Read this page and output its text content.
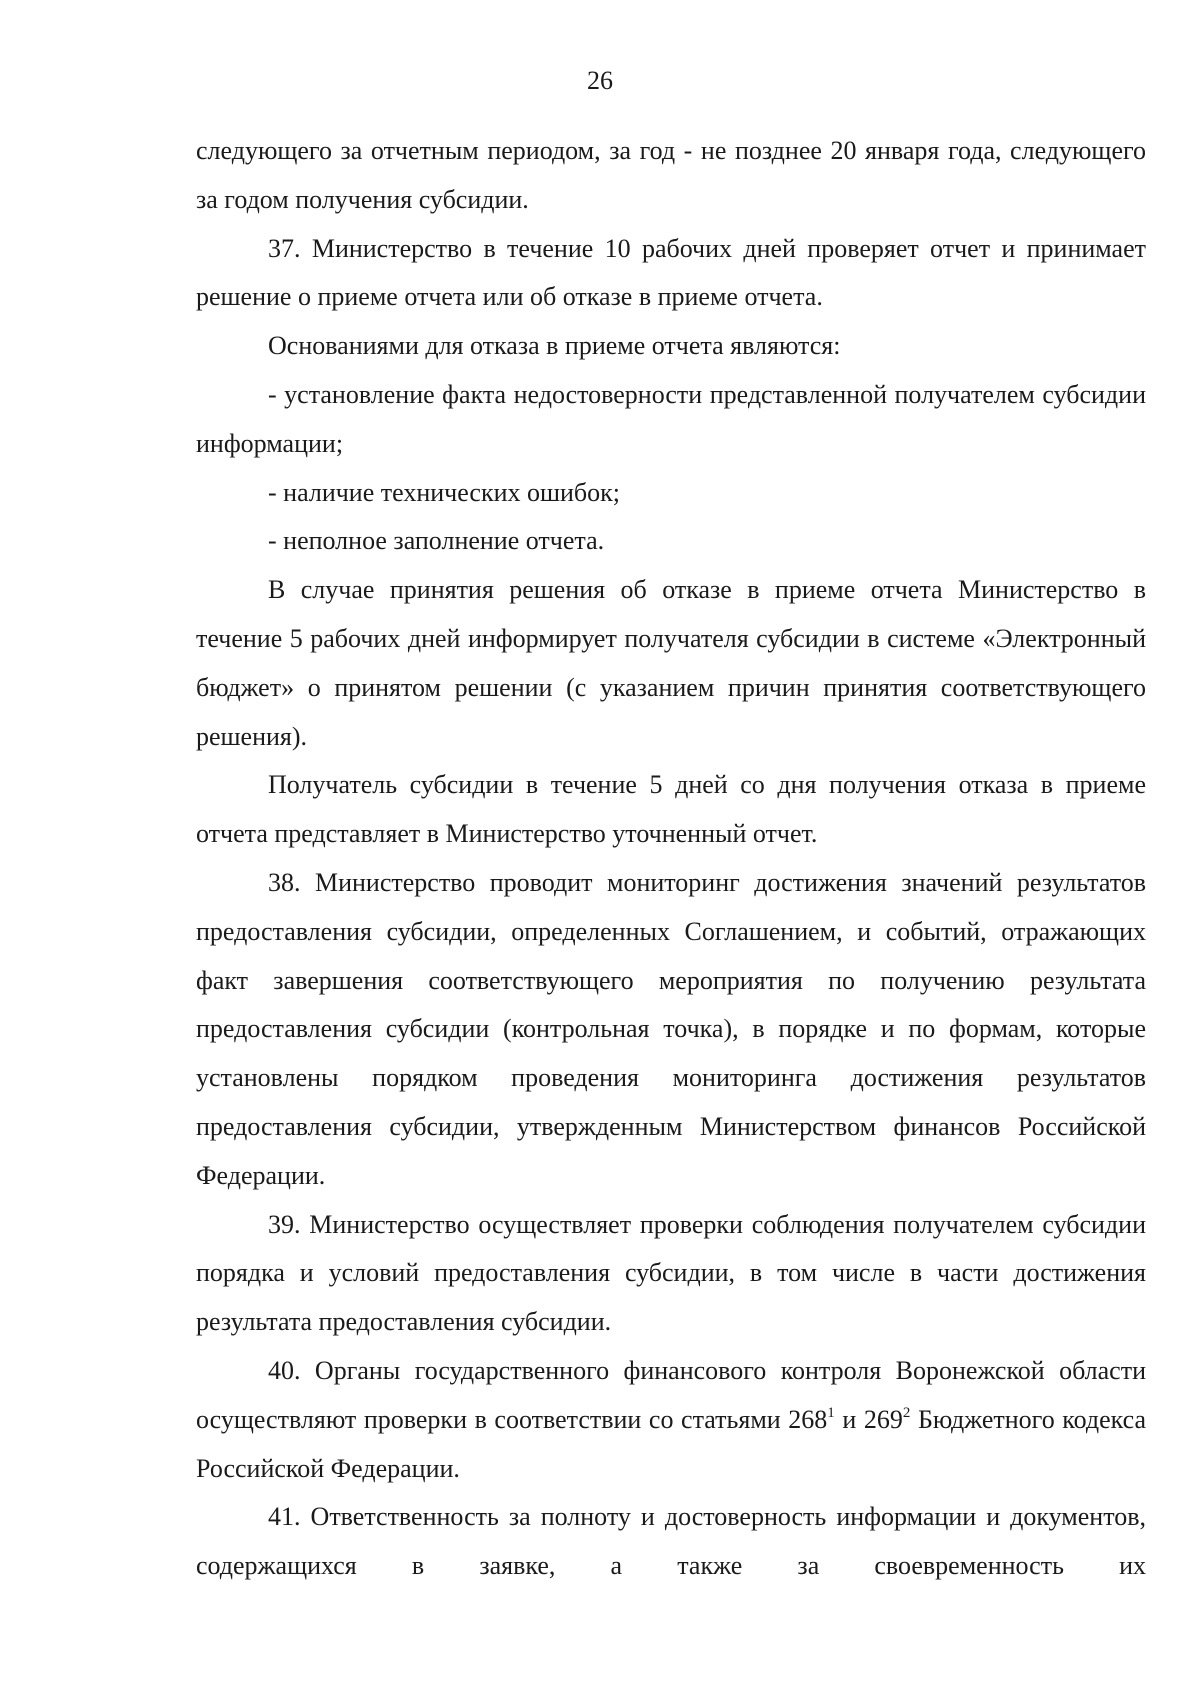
26

следующего за отчетным периодом, за год - не позднее 20 января года, следующего за годом получения субсидии.

37. Министерство в течение 10 рабочих дней проверяет отчет и принимает решение о приеме отчета или об отказе в приеме отчета.

Основаниями для отказа в приеме отчета являются:

- установление факта недостоверности представленной получателем субсидии информации;

- наличие технических ошибок;

- неполное заполнение отчета.

В случае принятия решения об отказе в приеме отчета Министерство в течение 5 рабочих дней информирует получателя субсидии в системе «Электронный бюджет» о принятом решении (с указанием причин принятия соответствующего решения).

Получатель субсидии в течение 5 дней со дня получения отказа в приеме отчета представляет в Министерство уточненный отчет.

38. Министерство проводит мониторинг достижения значений результатов предоставления субсидии, определенных Соглашением, и событий, отражающих факт завершения соответствующего мероприятия по получению результата предоставления субсидии (контрольная точка), в порядке и по формам, которые установлены порядком проведения мониторинга достижения результатов предоставления субсидии, утвержденным Министерством финансов Российской Федерации.

39. Министерство осуществляет проверки соблюдения получателем субсидии порядка и условий предоставления субсидии, в том числе в части достижения результата предоставления субсидии.

40. Органы государственного финансового контроля Воронежской области осуществляют проверки в соответствии со статьями $268^1$ и $269^2$ Бюджетного кодекса Российской Федерации.

41. Ответственность за полноту и достоверность информации и документов, содержащихся в заявке, а также за своевременность их
